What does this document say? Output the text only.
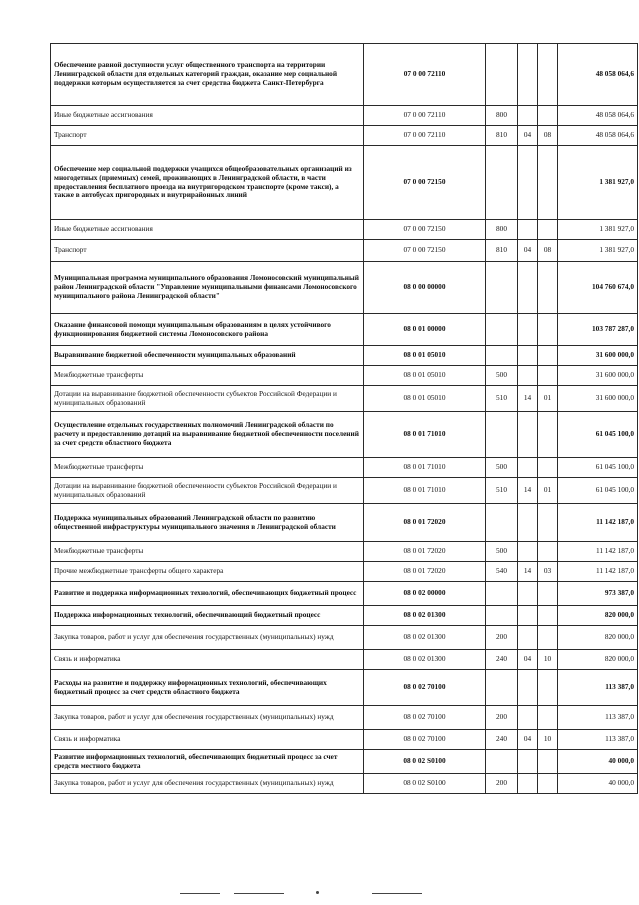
Обеспечение равной доступности услуг общественного транспорта на территории Ленинградской области для отдельных категорий граждан, оказание мер социальной поддержки которым осуществляется за счет средства бюджета Санкт-Петербурга	07 0 00 72110				48 058 064,6
Иные бюджетные ассигнования	07 0 00 72110	800			48 058 064,6
Транспорт	07 0 00 72110	810	04	08	48 058 064,6
Обеспечение мер социальной поддержки учащихся общеобразовательных организаций из многодетных (приемных) семей, проживающих в Ленинградской области, в части предоставления бесплатного проезда на внутригородском транспорте (кроме такси), а также в автобусах пригородных и внутрирайонных линий	07 0 00 72150				1 381 927,0
Иные бюджетные ассигнования	07 0 00 72150	800			1 381 927,0
Транспорт	07 0 00 72150	810	04	08	1 381 927,0
Муниципальная программа муниципального образования Ломоносовский муниципальный район Ленинградской области "Управление муниципальными финансами Ломоносовского муниципального района Ленинградской области"	08 0 00 00000				104 760 674,0
Оказание финансовой помощи муниципальным образованиям в целях устойчивого функционирования бюджетной системы Ломоносовского района	08 0 01 00000				103 787 287,0
Выравнивание бюджетной обеспеченности муниципальных образований	08 0 01 05010				31 600 000,0
Межбюджетные трансферты	08 0 01 05010	500			31 600 000,0
Дотации на выравнивание бюджетной обеспеченности субъектов Российской Федерации и муниципальных образований	08 0 01 05010	510	14	01	31 600 000,0
Осуществление отдельных государственных полномочий Ленинградской области по расчету и предоставлению дотаций на выравнивание бюджетной обеспеченности поселений за счет средств областного бюджета	08 0 01 71010				61 045 100,0
Межбюджетные трансферты	08 0 01 71010	500			61 045 100,0
Дотации на выравнивание бюджетной обеспеченности субъектов Российской Федерации и муниципальных образований	08 0 01 71010	510	14	01	61 045 100,0
Поддержка муниципальных образований Ленинградской области по развитию общественной инфраструктуры муниципального значения в Ленинградской области	08 0 01 72020				11 142 187,0
Межбюджетные трансферты	08 0 01 72020	500			11 142 187,0
Прочие межбюджетные трансферты общего характера	08 0 01 72020	540	14	03	11 142 187,0
Развитие и поддержка информационных технологий, обеспечивающих бюджетный процесс	08 0 02 00000				973 387,0
Поддержка информационных технологий, обеспечивающий бюджетный процесс	08 0 02 01300				820 000,0
Закупка товаров, работ и услуг для обеспечения государственных (муниципальных) нужд	08 0 02 01300	200			820 000,0
Связь и информатика	08 0 02 01300	240	04	10	820 000,0
Расходы на развитие и поддержку информационных технологий, обеспечивающих бюджетный процесс за счет средств областного бюджета	08 0 02 70100				113 387,0
Закупка товаров, работ и услуг для обеспечения государственных (муниципальных) нужд	08 0 02 70100	200			113 387,0
Связь и информатика	08 0 02 70100	240	04	10	113 387,0
Развитие информационных технологий, обеспечивающих бюджетный процесс за счет средств местного бюджета	08 0 02 S0100				40 000,0
Закупка товаров, работ и услуг для обеспечения государственных (муниципальных) нужд	08 0 02 S0100	200			40 000,0
